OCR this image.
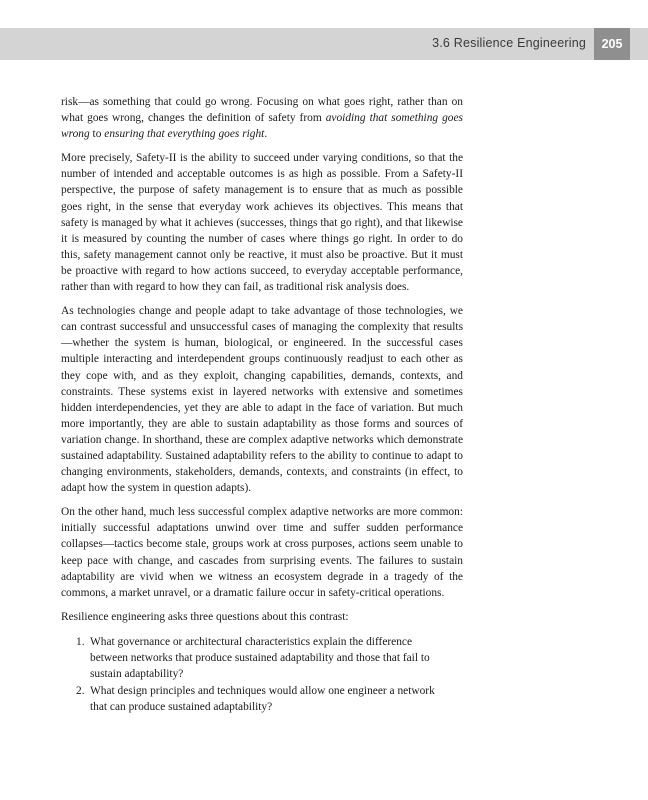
3.6 Resilience Engineering	205

risk—as something that could go wrong. Focusing on what goes right, rather than on what goes wrong, changes the definition of safety from avoiding that something goes wrong to ensuring that everything goes right.

More precisely, Safety-II is the ability to succeed under varying conditions, so that the number of intended and acceptable outcomes is as high as possible. From a Safety-II perspective, the purpose of safety management is to ensure that as much as possible goes right, in the sense that everyday work achieves its objectives. This means that safety is managed by what it achieves (successes, things that go right), and that likewise it is measured by counting the number of cases where things go right. In order to do this, safety management cannot only be reactive, it must also be proactive. But it must be proactive with regard to how actions succeed, to everyday acceptable performance, rather than with regard to how they can fail, as traditional risk analysis does.

As technologies change and people adapt to take advantage of those technologies, we can contrast successful and unsuccessful cases of managing the complexity that results—whether the system is human, biological, or engineered. In the successful cases multiple interacting and interdependent groups continuously readjust to each other as they cope with, and as they exploit, changing capabilities, demands, contexts, and constraints. These systems exist in layered networks with extensive and sometimes hidden interdependencies, yet they are able to adapt in the face of variation. But much more importantly, they are able to sustain adaptability as those forms and sources of variation change. In shorthand, these are complex adaptive networks which demonstrate sustained adaptability. Sustained adaptability refers to the ability to continue to adapt to changing environments, stakeholders, demands, contexts, and constraints (in effect, to adapt how the system in question adapts).

On the other hand, much less successful complex adaptive networks are more common: initially successful adaptations unwind over time and suffer sudden performance collapses—tactics become stale, groups work at cross purposes, actions seem unable to keep pace with change, and cascades from surprising events. The failures to sustain adaptability are vivid when we witness an ecosystem degrade in a tragedy of the commons, a market unravel, or a dramatic failure occur in safety-critical operations.

Resilience engineering asks three questions about this contrast:

1. What governance or architectural characteristics explain the difference between networks that produce sustained adaptability and those that fail to sustain adaptability?
2. What design principles and techniques would allow one engineer a network that can produce sustained adaptability?
